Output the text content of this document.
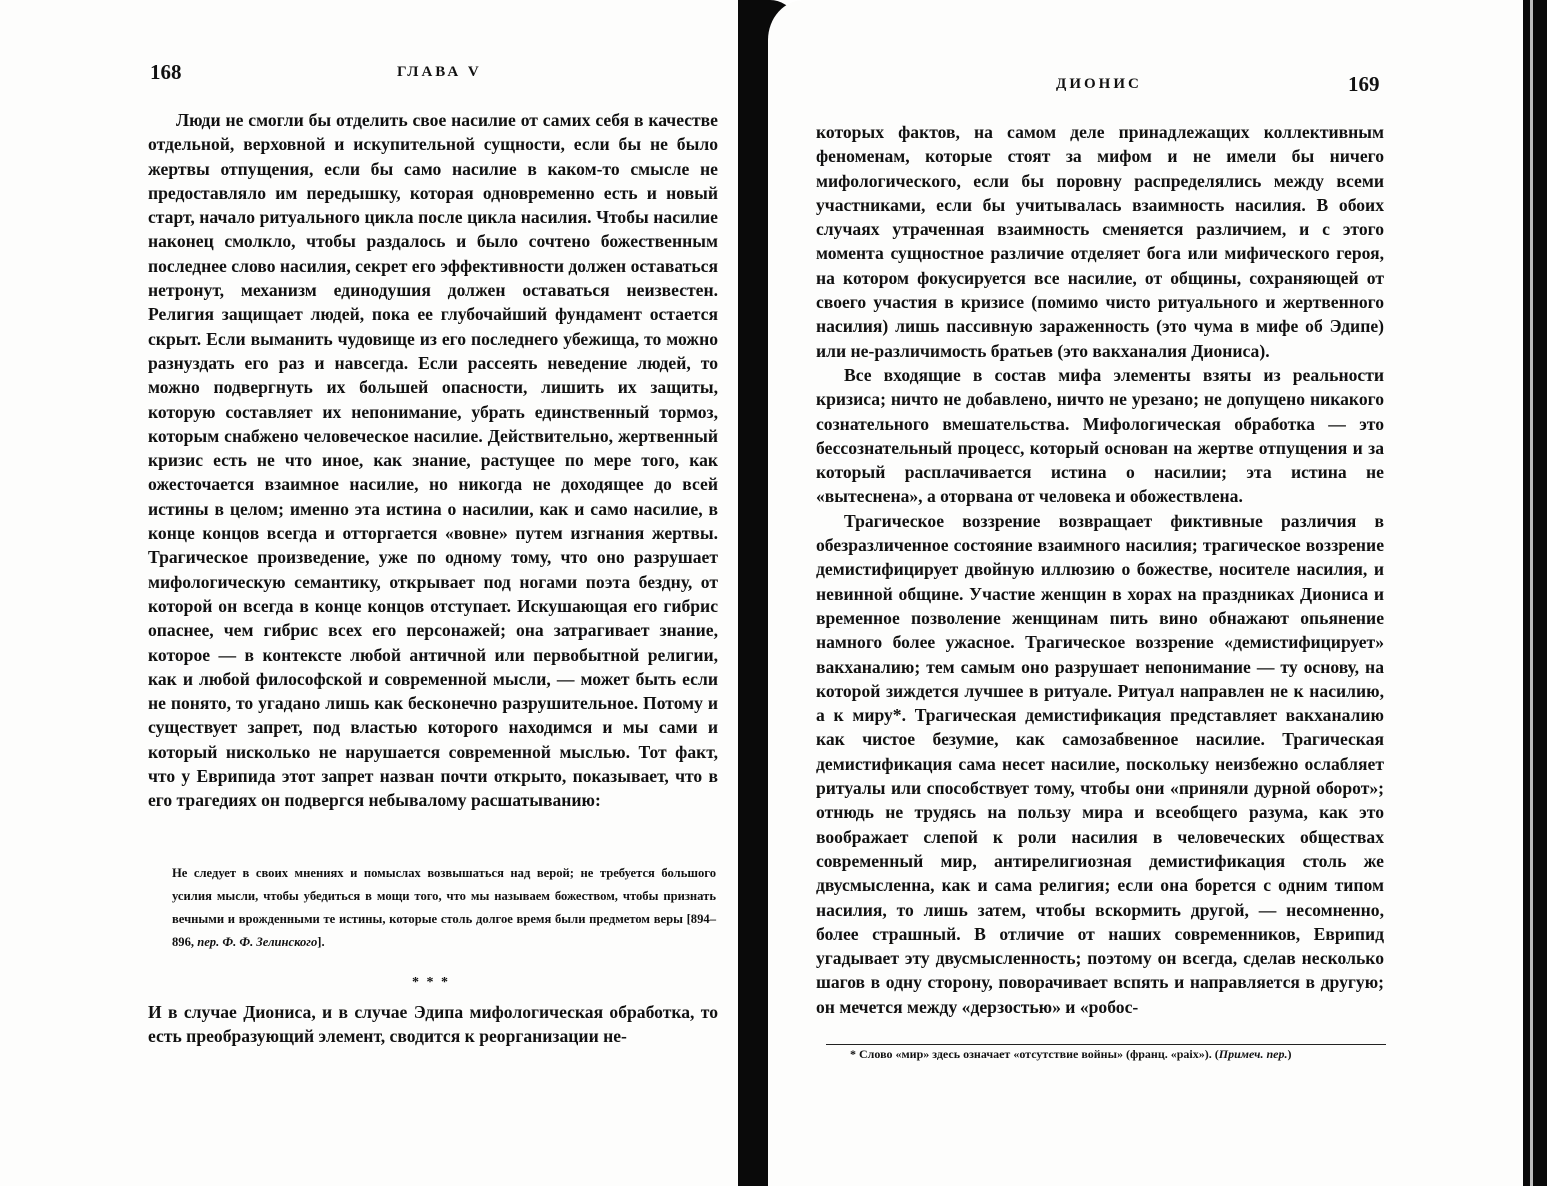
168	ГЛАВА V

Люди не смогли бы отделить свое насилие от самих себя в качестве отдельной, верховной и искупительной сущности, если бы не было жертвы отпущения, если бы само насилие в каком-то смысле не предоставляло им передышку, которая одновременно есть и новый старт, начало ритуального цикла после цикла насилия. Чтобы насилие наконец смолкло, чтобы раздалось и было сочтено божественным последнее слово насилия, секрет его эффективности должен оставаться нетронут, механизм единодушия должен оставаться неизвестен. Религия защищает людей, пока ее глубочайший фундамент остается скрыт. Если выманить чудовище из его последнего убежища, то можно разнуздать его раз и навсегда. Если рассеять неведение людей, то можно подвергнуть их большей опасности, лишить их защиты, которую составляет их непонимание, убрать единственный тормоз, которым снабжено человеческое насилие. Действительно, жертвенный кризис есть не что иное, как знание, растущее по мере того, как ожесточается взаимное насилие, но никогда не доходящее до всей истины в целом; именно эта истина о насилии, как и само насилие, в конце концов всегда и отторгается «вовне» путем изгнания жертвы. Трагическое произведение, уже по одному тому, что оно разрушает мифологическую семантику, открывает под ногами поэта бездну, от которой он всегда в конце концов отступает. Искушающая его гибрис опаснее, чем гибрис всех его персонажей; она затрагивает знание, которое — в контексте любой античной или первобытной религии, как и любой философской и современной мысли, — может быть если не понято, то угадано лишь как бесконечно разрушительное. Потому и существует запрет, под властью которого находимся и мы сами и который нисколько не нарушается современной мыслью. Тот факт, что у Еврипида этот запрет назван почти открыто, показывает, что в его трагедиях он подвергся небывалому расшатыванию:

Не следует в своих мнениях и помыслах возвышаться над верой; не требуется большого усилия мысли, чтобы убедиться в мощи того, что мы называем божеством, чтобы признать вечными и врожденными те истины, которые столь долгое время были предметом веры [894–896, пер. Ф. Ф. Зелинского].
* * *

И в случае Диониса, и в случае Эдипа мифологическая обработка, то есть преобразующий элемент, сводится к реорганизации не-

ДИОНИС	169

которых фактов, на самом деле принадлежащих коллективным феноменам, которые стоят за мифом и не имели бы ничего мифологического, если бы поровну распределялись между всеми участниками, если бы учитывалась взаимность насилия. В обоих случаях утраченная взаимность сменяется различием, и с этого момента сущностное различие отделяет бога или мифического героя, на котором фокусируется все насилие, от общины, сохраняющей от своего участия в кризисе (помимо чисто ритуального и жертвенного насилия) лишь пассивную зараженность (это чума в мифе об Эдипе) или не-различимость братьев (это вакханалия Диониса).

Все входящие в состав мифа элементы взяты из реальности кризиса; ничто не добавлено, ничто не урезано; не допущено никакого сознательного вмешательства. Мифологическая обработка — это бессознательный процесс, который основан на жертве отпущения и за который расплачивается истина о насилии; эта истина не «вытеснена», а оторвана от человека и обожествлена.

Трагическое воззрение возвращает фиктивные различия в обезразличенное состояние взаимного насилия; трагическое воззрение демистифицирует двойную иллюзию о божестве, носителе насилия, и невинной общине. Участие женщин в хорах на праздниках Диониса и временное позволение женщинам пить вино обнажают опьянение намного более ужасное. Трагическое воззрение «демистифицирует» вакханалию; тем самым оно разрушает непонимание — ту основу, на которой зиждется лучшее в ритуале. Ритуал направлен не к насилию, а к миру*. Трагическая демистификация представляет вакханалию как чистое безумие, как самозабвенное насилие. Трагическая демистификация сама несет насилие, поскольку неизбежно ослабляет ритуалы или способствует тому, чтобы они «приняли дурной оборот»; отнюдь не трудясь на пользу мира и всеобщего разума, как это воображает слепой к роли насилия в человеческих обществах современный мир, антирелигиозная демистификация столь же двусмысленна, как и сама религия; если она борется с одним типом насилия, то лишь затем, чтобы вскормить другой, — несомненно, более страшный. В отличие от наших современников, Еврипид угадывает эту двусмысленность; поэтому он всегда, сделав несколько шагов в одну сторону, поворачивает вспять и направляется в другую; он мечется между «дерзостью» и «робос-

* Слово «мир» здесь означает «отсутствие войны» (франц. «paix»). (Примеч. пер.)
